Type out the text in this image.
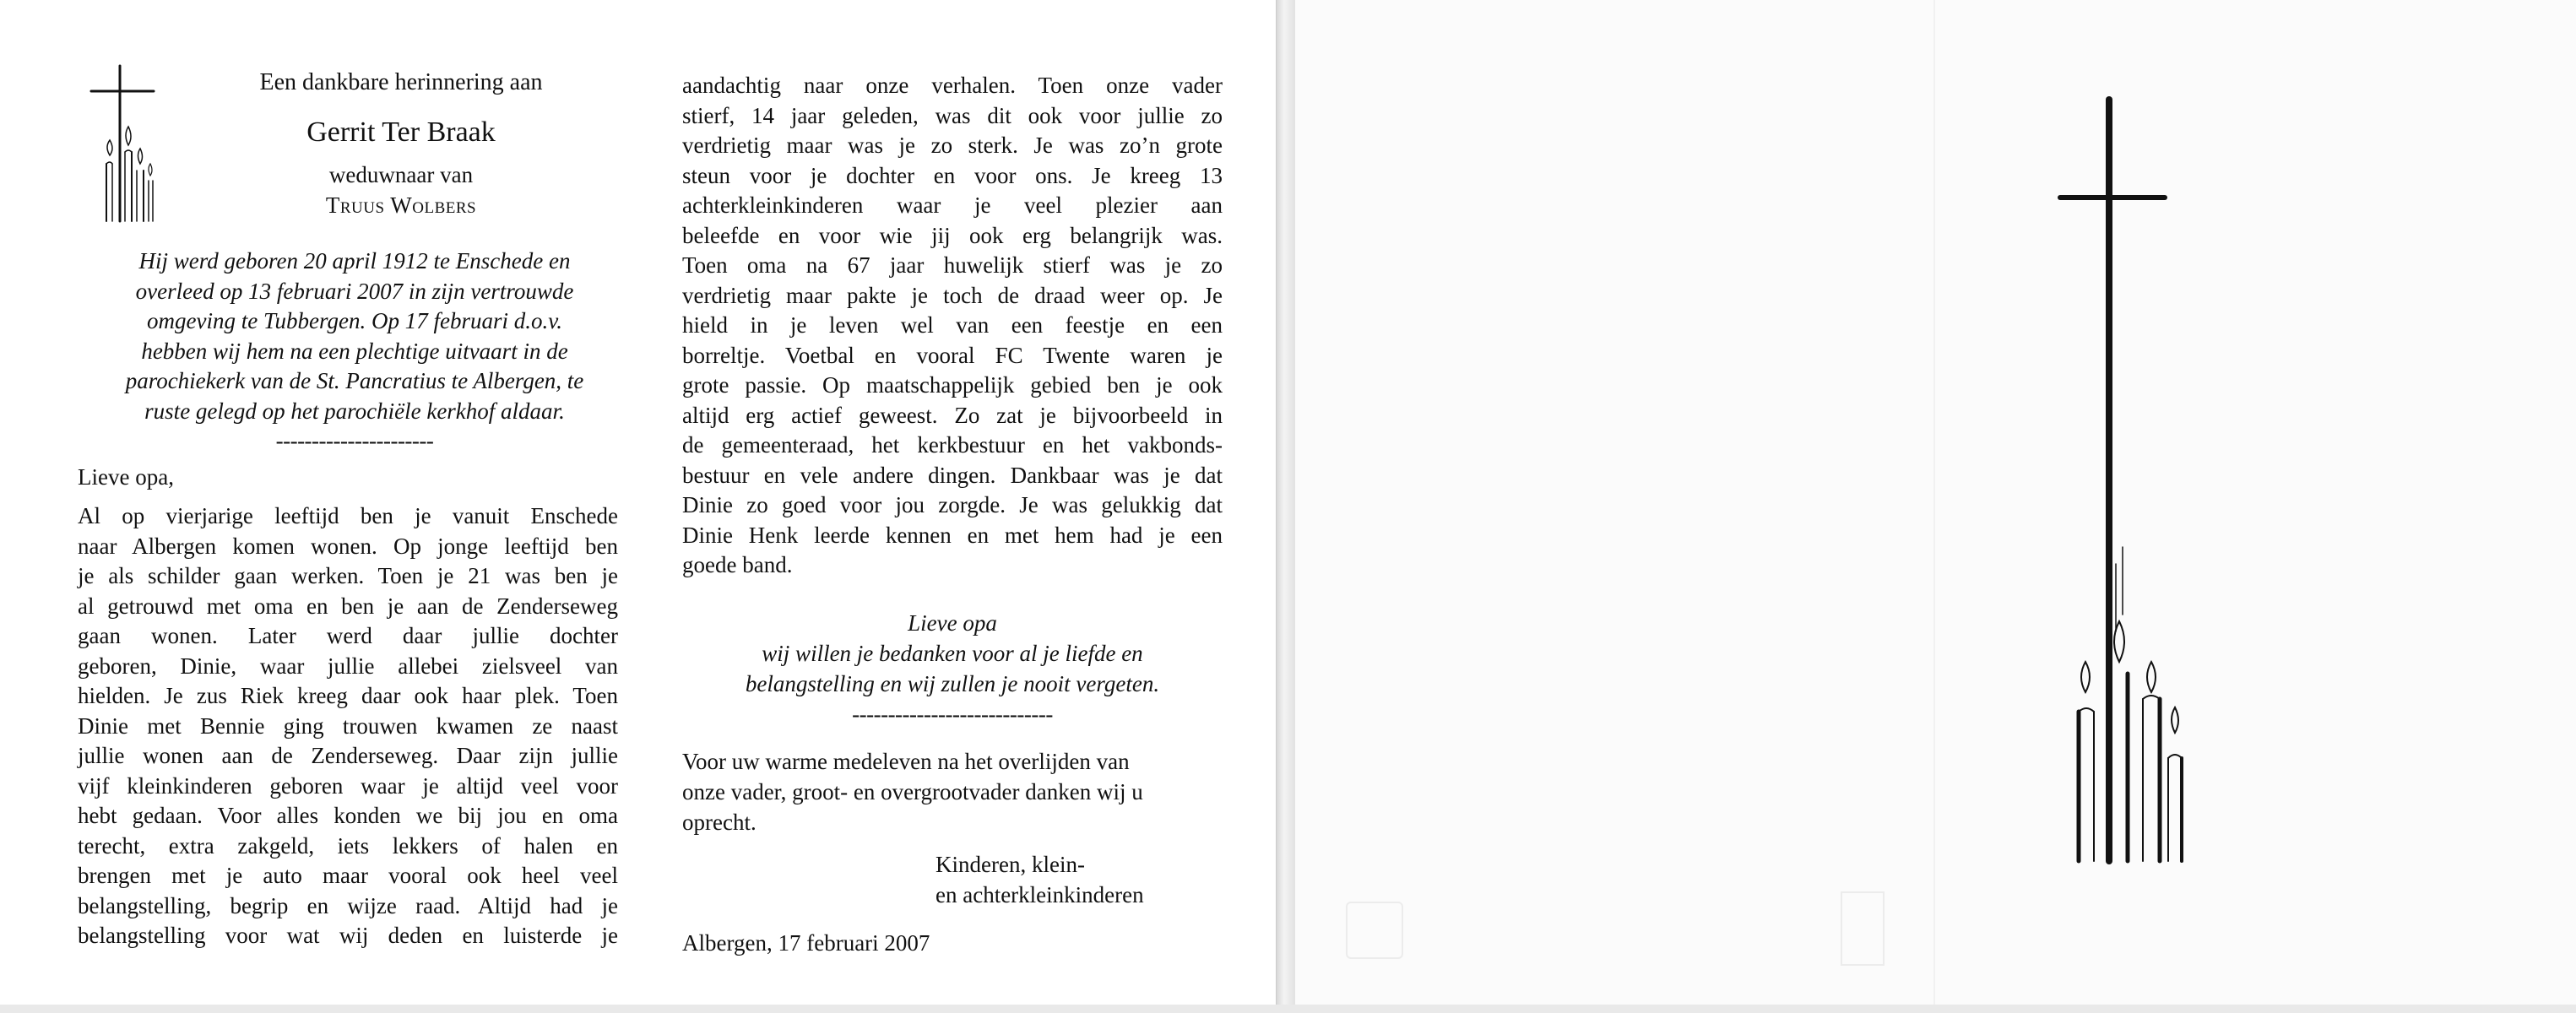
Een dankbare herinnering aan
Gerrit Ter Braak
weduwnaar van
Truus Wolbers
Hij werd geboren 20 april 1912 te Enschede en
overleed op 13 februari 2007 in zijn vertrouwde
omgeving te Tubbergen. Op 17 februari d.o.v.
hebben wij hem na een plechtige uitvaart in de
parochiekerk van de St. Pancratius te Albergen, te
ruste gelegd op het parochiële kerkhof aldaar.
----------------------
Lieve opa,
Al op vierjarige leeftijd ben je vanuit Enschede
naar Albergen komen wonen. Op jonge leeftijd ben
je als schilder gaan werken. Toen je 21 was ben je
al getrouwd met oma en ben je aan de Zenderseweg
gaan wonen. Later werd daar jullie dochter
geboren, Dinie, waar jullie allebei zielsveel van
hielden. Je zus Riek kreeg daar ook haar plek. Toen
Dinie met Bennie ging trouwen kwamen ze naast
jullie wonen aan de Zenderseweg. Daar zijn jullie
vijf kleinkinderen geboren waar je altijd veel voor
hebt gedaan. Voor alles konden we bij jou en oma
terecht, extra zakgeld, iets lekkers of halen en
brengen met je auto maar vooral ook heel veel
belangstelling, begrip en wijze raad. Altijd had je
belangstelling voor wat wij deden en luisterde je
aandachtig naar onze verhalen. Toen onze vader
stierf, 14 jaar geleden, was dit ook voor jullie zo
verdrietig maar was je zo sterk. Je was zo’n grote
steun voor je dochter en voor ons. Je kreeg 13
achterkleinkinderen waar je veel plezier aan
beleefde en voor wie jij ook erg belangrijk was.
Toen oma na 67 jaar huwelijk stierf was je zo
verdrietig maar pakte je toch de draad weer op. Je
hield in je leven wel van een feestje en een
borreltje. Voetbal en vooral FC Twente waren je
grote passie. Op maatschappelijk gebied ben je ook
altijd erg actief geweest. Zo zat je bijvoorbeeld in
de gemeenteraad, het kerkbestuur en het vakbonds-
bestuur en vele andere dingen. Dankbaar was je dat
Dinie zo goed voor jou zorgde. Je was gelukkig dat
Dinie Henk leerde kennen en met hem had je een
goede band.
Lieve opa
wij willen je bedanken voor al je liefde en
belangstelling en wij zullen je nooit vergeten.
----------------------------
Voor uw warme medeleven na het overlijden van
onze vader, groot- en overgrootvader danken wij u
oprecht.
Kinderen, klein-
en achterkleinkinderen
Albergen, 17 februari 2007
